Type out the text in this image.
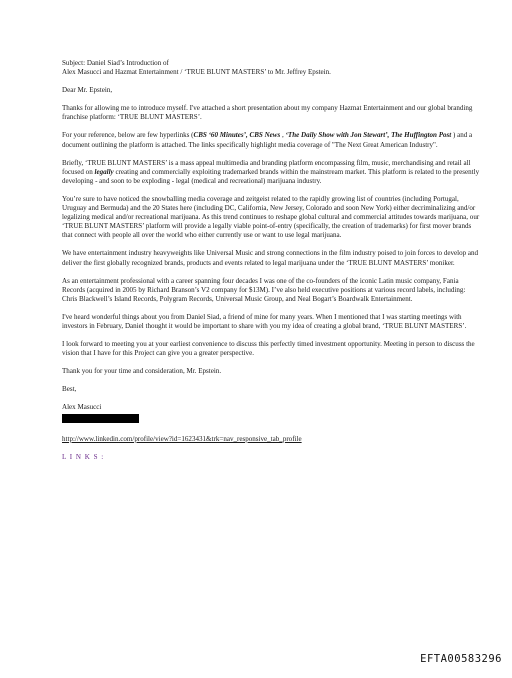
Subject: Daniel Siad’s Introduction of

Alex Masucci and Hazmat Entertainment / ‘TRUE BLUNT MASTERS’ to Mr. Jeffrey Epstein.

Dear Mr. Epstein,

Thanks for allowing me to introduce myself. I've attached a short presentation about my company Hazmat Entertainment and our global branding franchise platform: ‘TRUE BLUNT MASTERS’.

For your reference, below are few hyperlinks (CBS ‘60 Minutes’, CBS News , ‘The Daily Show with Jon Stewart’, The Huffington Post ) and a document outlining the platform is attached. The links specifically highlight media coverage of "The Next Great American Industry".

Briefly, ‘TRUE BLUNT MASTERS’ is a mass appeal multimedia and branding platform encompassing film, music, merchandising and retail all focused on legally creating and commercially exploiting trademarked brands within the mainstream market. This platform is related to the presently developing - and soon to be exploding - legal (medical and recreational) marijuana industry.

You’re sure to have noticed the snowballing media coverage and zeitgeist related to the rapidly growing list of countries (including Portugal, Uruguay and Bermuda) and the 20 States here (including DC, California, New Jersey, Colorado and soon New York) either decriminalizing and/or legalizing medical and/or recreational marijuana. As this trend continues to reshape global cultural and commercial attitudes towards marijuana, our ‘TRUE BLUNT MASTERS’ platform will provide a legally viable point-of-entry (specifically, the creation of trademarks) for first mover brands that connect with people all over the world who either currently use or want to use legal marijuana.

We have entertainment industry heavyweights like Universal Music and strong connections in the film industry poised to join forces to develop and deliver the first globally recognized brands, products and events related to legal marijuana under the ‘TRUE BLUNT MASTERS’ moniker.

As an entertainment professional with a career spanning four decades I was one of the co-founders of the iconic Latin music company, Fania Records (acquired in 2005 by Richard Branson’s V2 company for $13M). I’ve also held executive positions at various record labels, including: Chris Blackwell’s Island Records, Polygram Records, Universal Music Group, and Neal Bogart’s Boardwalk Entertainment.

I've heard wonderful things about you from Daniel Siad, a friend of mine for many years. When I mentioned that I was starting meetings with investors in February, Daniel thought it would be important to share with you my idea of creating a global brand, ‘TRUE BLUNT MASTERS’.

I look forward to meeting you at your earliest convenience to discuss this perfectly timed investment opportunity. Meeting in person to discuss the vision that I have for this Project can give you a greater perspective.

Thank you for your time and consideration, Mr. Epstein.

Best,

Alex Masucci

http://www.linkedin.com/profile/view?id=1623431&trk=nav_responsive_tab_profile

L I N K S :

EFTA00583296
